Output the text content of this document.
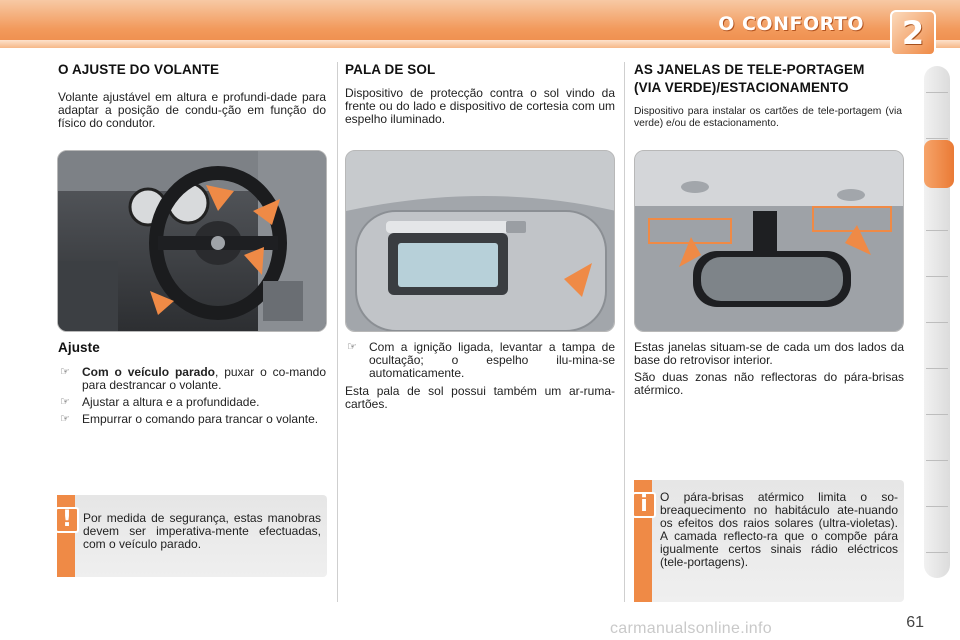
O CONFORTO	2
O AJUSTE DO VOLANTE
Volante ajustável em altura e profundi-dade para adaptar a posição de condu-ção em função do físico do condutor.
Ajuste
☞ Com o veículo parado, puxar o co-mando para destrancar o volante.
☞ Ajustar a altura e a profundidade.
☞ Empurrar o comando para trancar o volante.
! Por medida de segurança, estas manobras devem ser imperativa-mente efectuadas, com o veículo parado.
PALA DE SOL
Dispositivo de protecção contra o sol vindo da frente ou do lado e dispositivo de cortesia com um espelho iluminado.
☞ Com a ignição ligada, levantar a tampa de ocultação; o espelho ilu-mina-se automaticamente.
Esta pala de sol possui também um ar-ruma-cartões.
AS JANELAS DE TELE-PORTAGEM
(VIA VERDE)/ESTACIONAMENTO
Dispositivo para instalar os cartões de tele-portagem (via verde) e/ou de estacionamento.
Estas janelas situam-se de cada um dos lados da base do retrovisor interior.
São duas zonas não reflectoras do pára-brisas atérmico.
i	O pára-brisas atérmico limita o so-breaquecimento no habitáculo ate-nuando os efeitos dos raios solares (ultra-violetas). A camada reflecto-ra que o compõe pára igualmente certos sinais rádio eléctricos (tele-portagens).
61
carmanualsonline.info
